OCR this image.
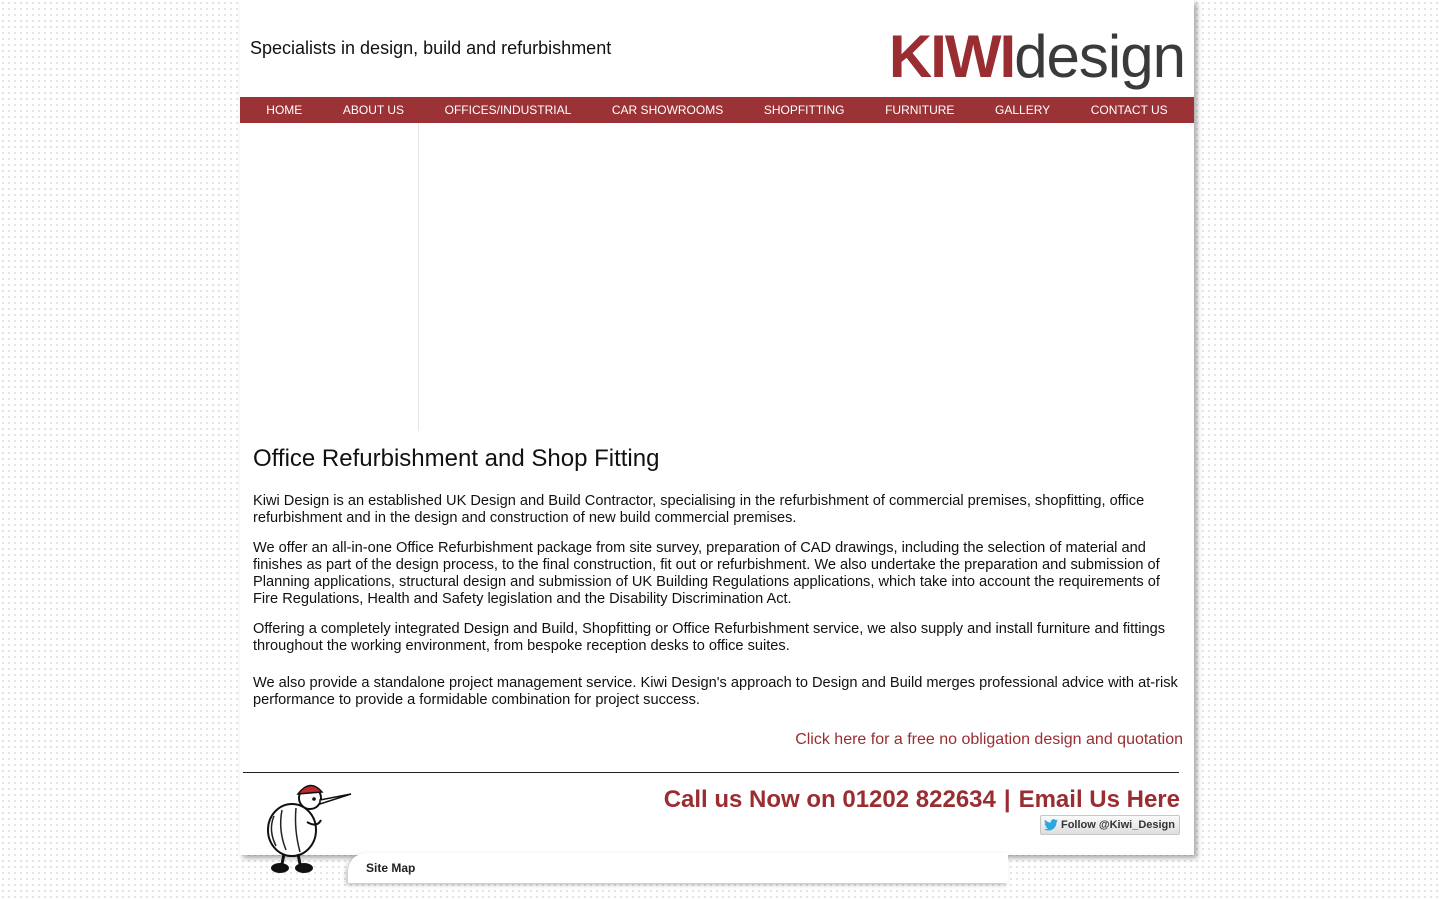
Specialists in design, build and refurbishment	KIWIdesign
HOME	ABOUT US	OFFICES/INDUSTRIAL	CAR SHOWROOMS	SHOPFITTING	FURNITURE	GALLERY	CONTACT US
Office Refurbishment and Shop Fitting

Kiwi Design is an established UK Design and Build Contractor, specialising in the refurbishment of commercial premises, shopfitting, office refurbishment and in the design and construction of new build commercial premises.

We offer an all-in-one Office Refurbishment package from site survey, preparation of CAD drawings, including the selection of material and finishes as part of the design process, to the final construction, fit out or refurbishment. We also undertake the preparation and submission of Planning applications, structural design and submission of UK Building Regulations applications, which take into account the requirements of Fire Regulations, Health and Safety legislation and the Disability Discrimination Act.

Offering a completely integrated Design and Build, Shopfitting or Office Refurbishment service, we also supply and install furniture and fittings throughout the working environment, from bespoke reception desks to office suites.

We also provide a standalone project management service. Kiwi Design's approach to Design and Build merges professional advice with at-risk performance to provide a formidable combination for project success.

Click here for a free no obligation design and quotation
Call us Now on 01202 822634 | Email Us Here
Follow @Kiwi_Design
Site Map
